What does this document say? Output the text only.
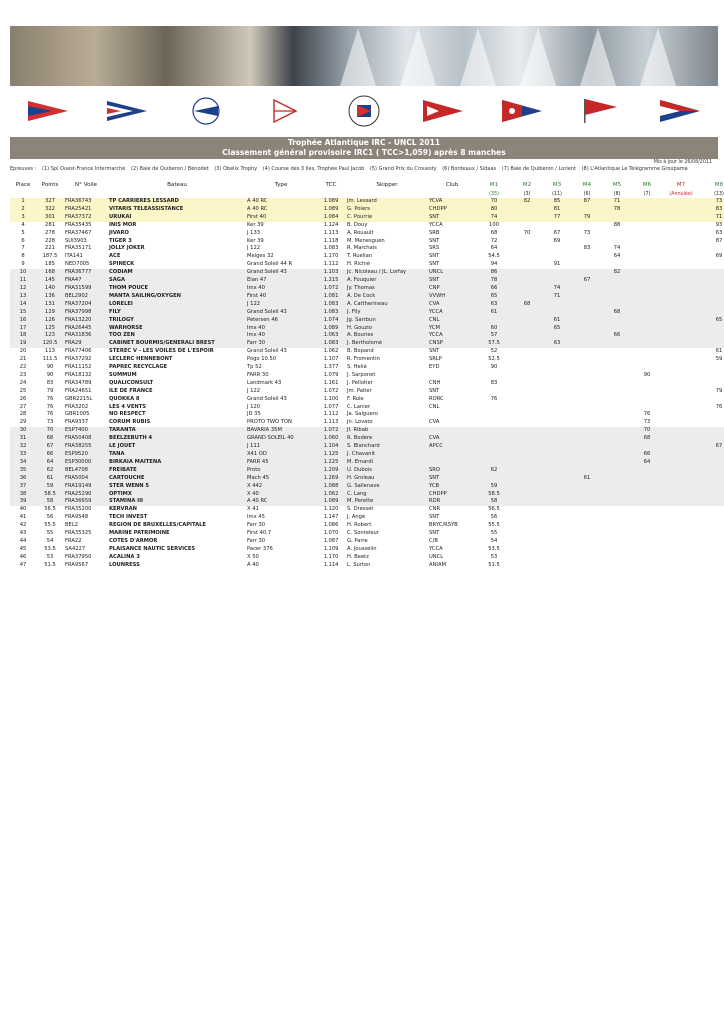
Trophée Atlantique IRC - UNCL 2011
Classement général provisoire IRC1 ( TCC>1,059) après 8 manches
Mis à jour le 26/08/2011
Epreuves : (1) Spi Ouest-France Intermarché (2) Baie de Quiberon / Bénodet (3) Obelix Trophy (4) Course des 3 Iles, Trophée Paul Jacob (5) Grand Prix du Crouesty (6) Bordeaux / Sidaas (7) Baie de Quiberon / Lorient (8) L'Atlantique Le Télégramme Groupama
Place	Points	N° Voile	Bateau	Type	TCC	Skipper	Club	M1	M2	M3	M4	M5	M6	M7	M8
								(35)	(3)	(11)	(6)	(8)	(7)	(Annulée)	(13)
1	327	FRA36743	TP CARRIERES LESSARD	A 40 RC	1.089	Jm. Lessard	YCVA	70	82	85	87	71			73
2	322	FRA25421	VITARIS TELEASSISTANCE	A 40 RC	1.089	G. Poiers	CHDPP	80		81		78			83
3	301	FRA37372	URUKAI	First 40	1.084	C. Pourrie	SNT	74		77	79				71
4	281	FRA35435	INIS MOR	Ker 39	1.124	B. Douy	YCCA	100				88			93
5	278	FRA37467	JIVARO	J 133	1.113	A. Rouault	SRB	68	70	67	73				63
6	228	SUI3903	TIGER 3	Ker 39	1.118	M. Menesguen	SNT	72		69					87
7	221	FRA35171	JOLLY JOKER	J 122	1.083	R. Marchais	SRS	64			83	74			
8	187.5	ITA141	ACE	Melges 32	1.170	T. Ruellan	SNT	54.5				64			69
9	185	NED7005	SPINECK	Grand Soleil 44 R	1.112	H. Richié	SNT	94		91					
10	168	FRA36777	CODIAM	Grand Soleil 43	1.103	Jc. Nicoleau / JL. Lorfay	UNCL	86				82			
11	145	FRA47	SAGA	Elan 47	1.215	A. Fouquier	SNT	78			67				
12	140	FRA31599	THOM POUCE	Imx 40	1.072	Jy. Thomas	CNP	66		74					
13	136	BEL2902	MANTA SAILING/OXYGEN	First 40	1.081	A. De Cock	VVWH	65		71					
14	131	FRA37204	LORELEI	J 122	1.083	A. Cattherineau	CVA	63	68						
15	129	FRA37998	FILY	Grand Soleil 43	1.083	J. Fily	YCCA	61				68			
16	126	FRA13220	TRILOGY	Petersen 46	1.074	Jg. Sarrbun	CNL			61					65
17	125	FRA26445	WARHORSE	Imx 40	1.089	H. Gouzio	YCM	60		65					
18	123	FRA31836	TOO ZEN	Imx 40	1.063	A. Bouries	YCCA	57				66			
19	120.5	FRA29	CABINET BOURMIS/GENERALI BREST	Farr 30	1.083	J. Bertholomé	CNSP	57.5		63					
20	113	FRA77406	STEREC V - LES VOILES DE L'ESPOIR	Grand Soleil 43	1.062	B. Bopand	SNT	52							61
21	111.5	FRA37292	LECLERC HENNEBONT	Pogo 10.50	1.107	R. Fromentin	SRLP	52.5							59
22	90	FRA11152	PAPREC RECYCLAGE	Tp 52	1.377	S. Helié	EYD	90							
23	90	FRA18132	SUMMUM	FARR 30	1.079	J. Sarponet							90		
24	83	FRA34789	QUALICONSULT	Landmark 43	1.161	J. Pellotier	CNH	83							
25	79	FRA24651	ILE DE FRANCE	J 122	1.072	Jm. Patier	SNT								79
26	76	GBR2215L	QUOKKA 8	Grand Soleil 43	1.100	F. Rule	RORC	76							
27	76	FRA3202	LES 4 VENTS	J 120	1.077	C. Lanier	CNL								76
28	76	GBR1005	NO RESPECT	JD 35	1.112	Ja. Salguero							76		
29	73	FRA9337	CORUM RUBIS	PROTO TWO TON	1.113	Jn. Lovato	CVA						73		
30	70	ESP7400	TARANTA	BAVARIA 35M	1.072	JI. Ribab							70		
31	68	FRA50408	BEELZEBUTH 4	GRAND SOLEIL 40	1.060	R. Bodère	CVA						68		
32	67	FRA38255	LE JOUET	J 111	1.104	S. Blanchard	APCC								67
33	66	ESP9520	TANA	X41 OD	1.125	J. Chavanit							66		
34	64	ESP30000	BIRKAIA MAITENA	FARR 45	1.225	M. Emardi							64		
35	62	BEL4708	FREIBATE	Proto	1.209	U. Dubois	SRO	62							
36	61	FRA5004	CARTOUCHE	Mach 45	1.269	H. Groleau	SNT				61				
37	59	FRA19149	STER WENN 5	X 442	1.088	G. Sallenave	YCB	59							
38	58.5	FRA25290	OPTIMX	X 40	1.062	C. Lang	CHDPP	58.5							
39	58	FRA36659	STAMINA III	A 40 RC	1.089	M. Perette	RDR	58							
40	56.5	FRA35200	KERVRAN	X 41	1.120	S. Dresset	CNR	56.5							
41	56	FRA9548	TECH INVEST	Imx 45	1.147	J. Angé	SNT	56							
42	55.5	BEL2	REGION DE BRUXELLES/CAPITALE	Farr 30	1.086	H. Robert	BRYC/RSYB	55.5							
43	55	FRA35325	MARINE PATRIMOINE	First 40.7	1.070	C. Sonteleur	SNT	55							
44	54	FRA22	CÔTES D'ARMOR	Farr 30	1.087	G. Parre	C/B	54							
45	53.5	SA4227	PLAISANCE NAUTIC SERVICES	Pacer 376	1.109	A. Jousselin	YCCA	53.5							
46	53	FRA37950	ACALINA 3	X 50	1.170	H. Beetz	UNCL	53							
47	51.5	FRA9567	LOUNRESS	A 40	1.114	L. Surton	ANIAM	51.5							
